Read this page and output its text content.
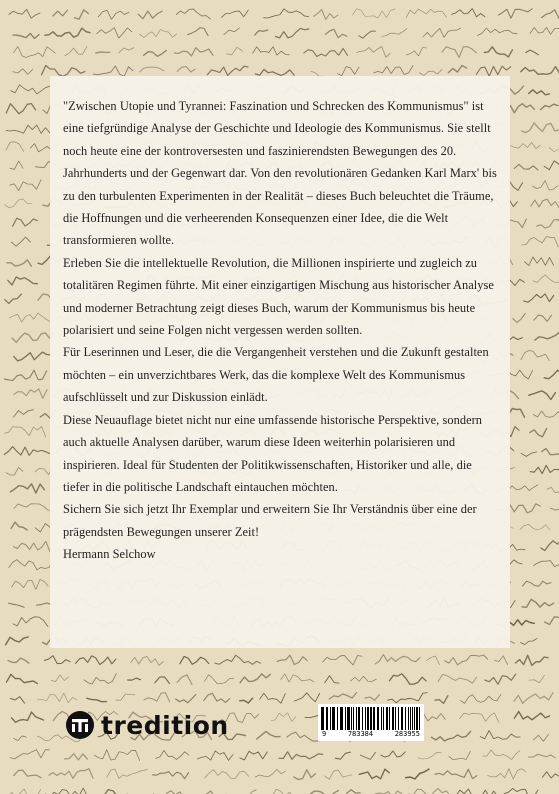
"Zwischen Utopie und Tyrannei: Faszination und Schrecken des Kommunismus" ist eine tiefgründige Analyse der Geschichte und Ideologie des Kommunismus. Sie stellt noch heute eine der kontroversesten und faszinierendsten Bewegungen des 20. Jahrhunderts und der Gegenwart dar. Von den revolutionären Gedanken Karl Marx' bis zu den turbulenten Experimenten in der Realität – dieses Buch beleuchtet die Träume, die Hoffnungen und die verheerenden Konsequenzen einer Idee, die die Welt transformieren wollte.

Erleben Sie die intellektuelle Revolution, die Millionen inspirierte und zugleich zu totalitären Regimen führte. Mit einer einzigartigen Mischung aus historischer Analyse und moderner Betrachtung zeigt dieses Buch, warum der Kommunismus bis heute polarisiert und seine Folgen nicht vergessen werden sollten.

Für Leserinnen und Leser, die die Vergangenheit verstehen und die Zukunft gestalten möchten – ein unverzichtbares Werk, das die komplexe Welt des Kommunismus aufschlüsselt und zur Diskussion einlädt.

Diese Neuauflage bietet nicht nur eine umfassende historische Perspektive, sondern auch aktuelle Analysen darüber, warum diese Ideen weiterhin polarisieren und inspirieren. Ideal für Studenten der Politikwissenschaften, Historiker und alle, die tiefer in die politische Landschaft eintauchen möchten.

Sichern Sie sich jetzt Ihr Exemplar und erweitern Sie Ihr Verständnis über eine der prägendsten Bewegungen unserer Zeit!

Hermann Selchow

tredition	9	783384	283955
